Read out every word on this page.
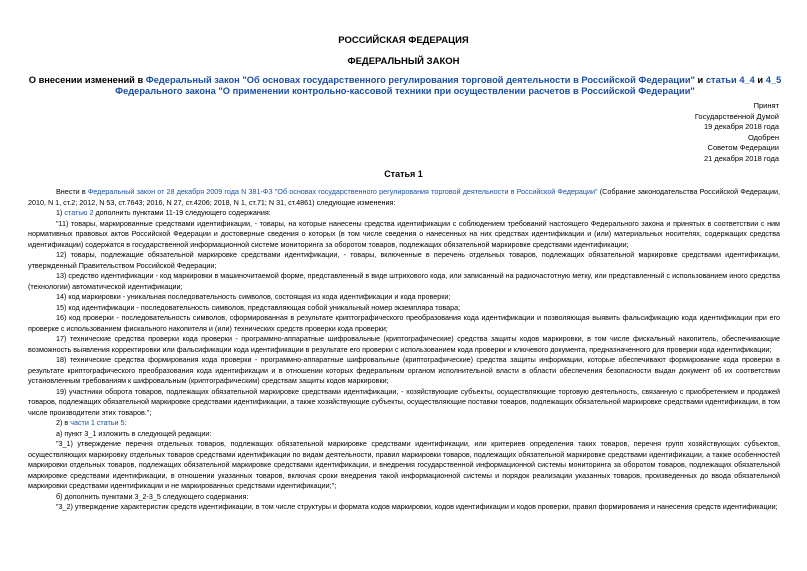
РОССИЙСКАЯ ФЕДЕРАЦИЯ
ФЕДЕРАЛЬНЫЙ ЗАКОН
О внесении изменений в Федеральный закон "Об основах государственного регулирования торговой деятельности в Российской Федерации" и статьи 4_4 и 4_5
Федерального закона "О применении контрольно-кассовой техники при осуществлении расчетов в Российской Федерации"
Принят
Государственной Думой
19 декабря 2018 года
Одобрен
Советом Федерации
21 декабря 2018 года
Статья 1

Внести в Федеральный закон от 28 декабря 2009 года N 381-ФЗ "Об основах государственного регулирования торговой деятельности в Российской Федерации" (Собрание законодательства Российской Федерации, 2010, N 1, ст.2; 2012, N 53, ст.7643; 2016, N 27, ст.4206; 2018, N 1, ст.71; N 31, ст.4861) следующие изменения:

1) статью 2 дополнить пунктами 11-19 следующего содержания:

"11) товары, маркированные средствами идентификации, - товары, на которые нанесены средства идентификации с соблюдением требований настоящего Федерального закона и принятых в соответствии с ним нормативных правовых актов Российской Федерации и достоверные сведения о которых (в том числе сведения о нанесенных на них средствах идентификации и (или) материальных носителях, содержащих средства идентификации) содержатся в государственной информационной системе мониторинга за оборотом товаров, подлежащих обязательной маркировке средствами идентификации;

12) товары, подлежащие обязательной маркировке средствами идентификации, - товары, включенные в перечень отдельных товаров, подлежащих обязательной маркировке средствами идентификации, утвержденный Правительством Российской Федерации;

13) средство идентификации - код маркировки в машиночитаемой форме, представленный в виде штрихового кода, или записанный на радиочастотную метку, или представленный с использованием иного средства (технологии) автоматической идентификации;

14) код маркировки - уникальная последовательность символов, состоящая из кода идентификации и кода проверки;

15) код идентификации - последовательность символов, представляющая собой уникальный номер экземпляра товара;

16) код проверки - последовательность символов, сформированная в результате криптографического преобразования кода идентификации и позволяющая выявить фальсификацию кода идентификации при его проверке с использованием фискального накопителя и (или) технических средств проверки кода проверки;

17) технические средства проверки кода проверки - программно-аппаратные шифровальные (криптографические) средства защиты кодов маркировки, в том числе фискальный накопитель, обеспечивающие возможность выявления корректировки или фальсификации кода идентификации в результате его проверки с использованием кода проверки и ключевого документа, предназначенного для проверки кода идентификации;

18) технические средства формирования кода проверки - программно-аппаратные шифровальные (криптографические) средства защиты информации, которые обеспечивают формирование кода проверки в результате криптографического преобразования кода идентификации и в отношении которых федеральным органом исполнительной власти в области обеспечения безопасности выдан документ об их соответствии установленным требованиям к шифровальным (криптографическим) средствам защиты кодов маркировки;

19) участники оборота товаров, подлежащих обязательной маркировке средствами идентификации, - хозяйствующие субъекты, осуществляющие торговую деятельность, связанную с приобретением и продажей товаров, подлежащих обязательной маркировке средствами идентификации, а также хозяйствующие субъекты, осуществляющие поставки товаров, подлежащих обязательной маркировке средствами идентификации, в том числе производители этих товаров.";

2) в части 1 статьи 5:

а) пункт 3_1 изложить в следующей редакции:

"3_1) утверждение перечня отдельных товаров, подлежащих обязательной маркировке средствами идентификации, или критериев определения таких товаров, перечня групп хозяйствующих субъектов, осуществляющих маркировку отдельных товаров средствами идентификации по видам деятельности, правил маркировки товаров, подлежащих обязательной маркировке средствами идентификации, а также особенностей маркировки отдельных товаров, подлежащих обязательной маркировке средствами идентификации, и внедрения государственной информационной системы мониторинга за оборотом товаров, подлежащих обязательной маркировке средствами идентификации, в отношении указанных товаров, включая сроки внедрения такой информационной системы и порядок реализации указанных товаров, произведенных до ввода обязательной маркировки средствами идентификации и не маркированных средствами идентификации;";

б) дополнить пунктами 3_2-3_5 следующего содержания:

"3_2) утверждение характеристик средств идентификации, в том числе структуры и формата кодов маркировки, кодов идентификации и кодов проверки, правил формирования и нанесения средств идентификации;
